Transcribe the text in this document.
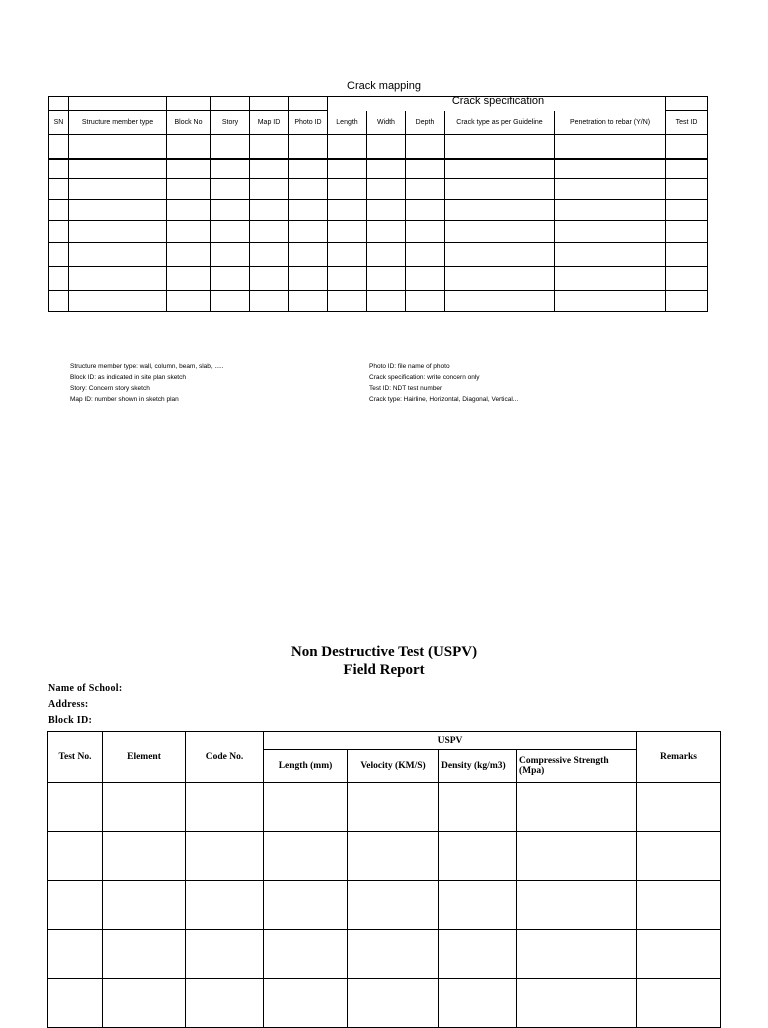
Crack mapping
Crack specification

SN	Structure member type	Block No	Story	Map ID	Photo ID	Length	Width	Depth	Crack type as per Guideline	Penetration to rebar (Y/N)	Test ID

Structure member type: wall, column, beam, slab, .....
Block ID: as indicated in site plan sketch
Story: Concern story sketch
Map ID: number shown in sketch plan
Photo ID: file name of photo
Crack specification: write concern only
Test ID: NDT test number
Crack type: Hairline, Horizontal, Diagonal, Vertical...
Non Destructive Test (USPV)
Field Report
Name of School:
Address:
Block ID:
Test No.	Element	Code No.	USPV				Remarks
			Length (mm)	Velocity (KM/S)	Density (kg/m3)	Compressive Strength (Mpa)	
